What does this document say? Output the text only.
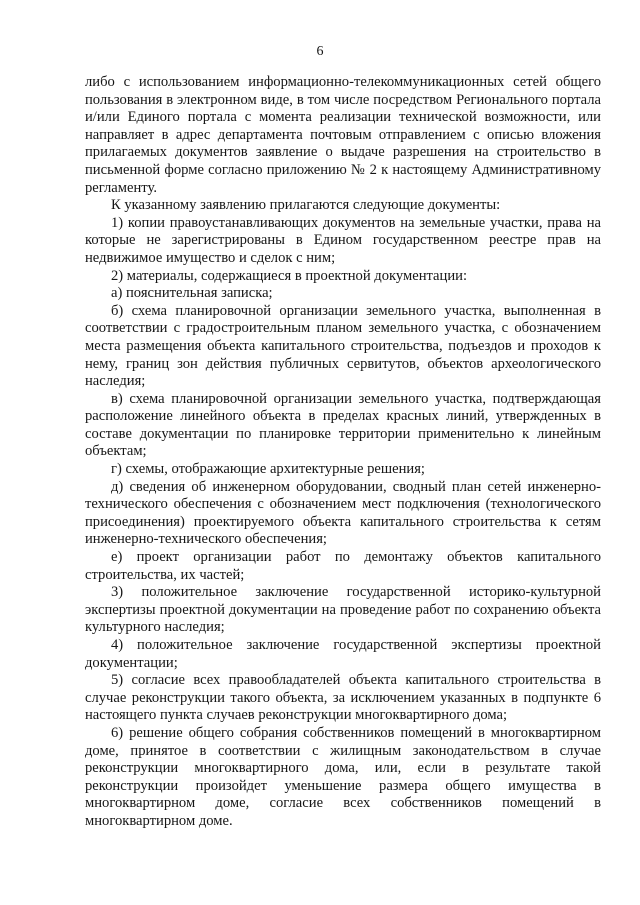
6

либо с использованием информационно-телекоммуникационных сетей общего пользования в электронном виде, в том числе посредством Регионального портала и/или Единого портала с момента реализации технической возможности, или направляет в адрес департамента почтовым отправлением с описью вложения прилагаемых документов заявление о выдаче разрешения на строительство в письменной форме согласно приложению № 2 к настоящему Административному регламенту.

К указанному заявлению прилагаются следующие документы:

1) копии правоустанавливающих документов на земельные участки, права на которые не зарегистрированы в Едином государственном реестре прав на недвижимое имущество и сделок с ним;

2) материалы, содержащиеся в проектной документации:

а) пояснительная записка;

б) схема планировочной организации земельного участка, выполненная в соответствии с градостроительным планом земельного участка, с обозначением места размещения объекта капитального строительства, подъездов и проходов к нему, границ зон действия публичных сервитутов, объектов археологического наследия;

в) схема планировочной организации земельного участка, подтверждающая расположение линейного объекта в пределах красных линий, утвержденных в составе документации по планировке территории применительно к линейным объектам;

г) схемы, отображающие архитектурные решения;

д) сведения об инженерном оборудовании, сводный план сетей инженерно-технического обеспечения с обозначением мест подключения (технологического присоединения) проектируемого объекта капитального строительства к сетям инженерно-технического обеспечения;

е) проект организации работ по демонтажу объектов капитального строительства, их частей;

3) положительное заключение государственной историко-культурной экспертизы проектной документации на проведение работ по сохранению объекта культурного наследия;

4) положительное заключение государственной экспертизы проектной документации;

5) согласие всех правообладателей объекта капитального строительства в случае реконструкции такого объекта, за исключением указанных в подпункте 6 настоящего пункта случаев реконструкции многоквартирного дома;

6) решение общего собрания собственников помещений в многоквартирном доме, принятое в соответствии с жилищным законодательством в случае реконструкции многоквартирного дома, или, если в результате такой реконструкции произойдет уменьшение размера общего имущества в многоквартирном доме, согласие всех собственников помещений в многоквартирном доме.
